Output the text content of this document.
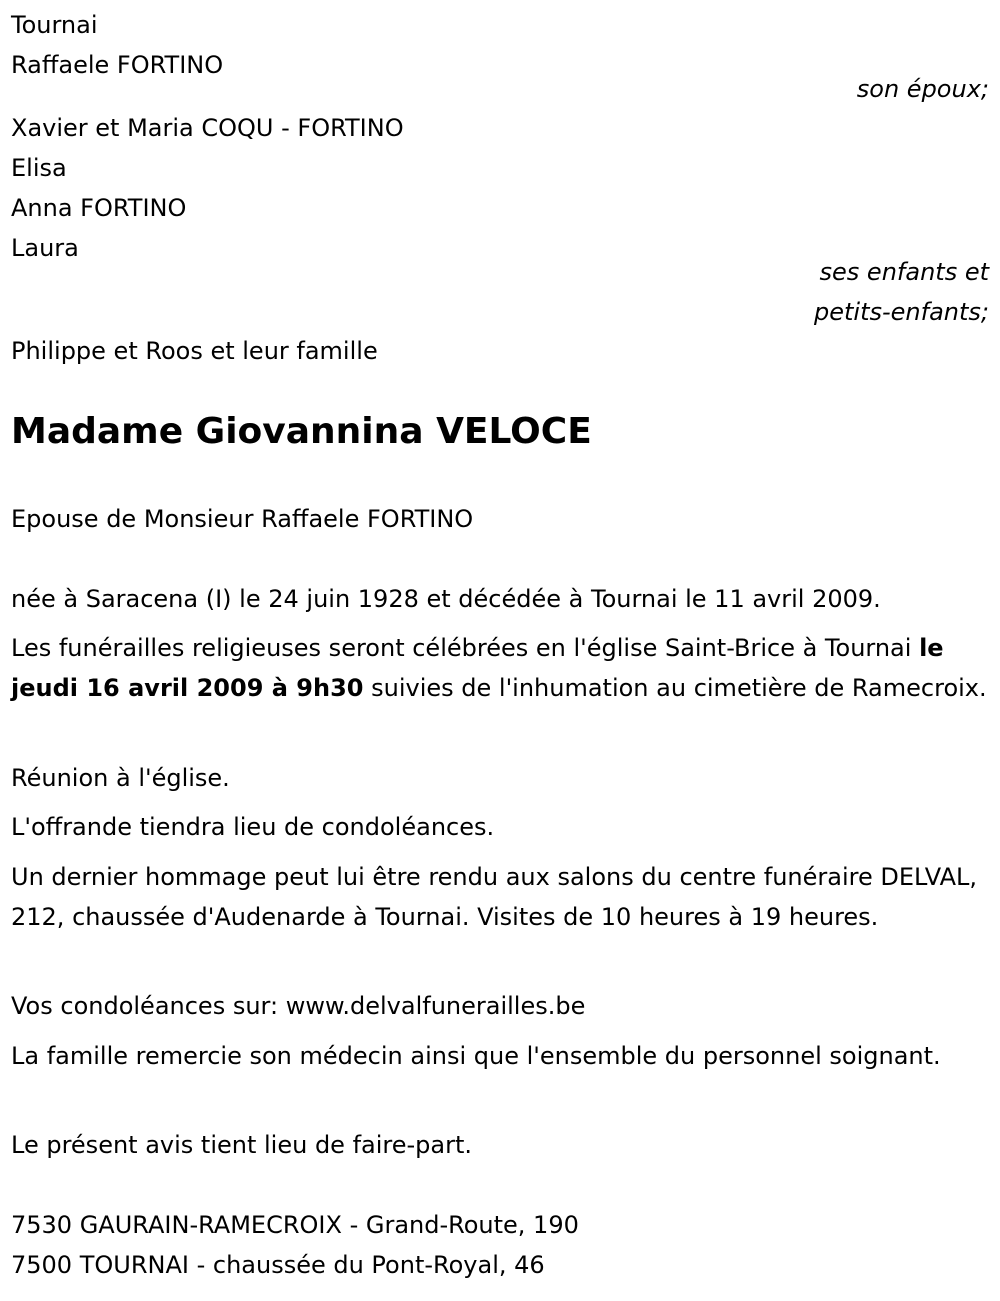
Tournai
Raffaele FORTINO
son époux;
Xavier et Maria COQU - FORTINO
Elisa
Anna FORTINO
Laura
ses enfants et
petits-enfants;
Philippe et Roos et leur famille
Madame Giovannina VELOCE
Epouse de Monsieur Raffaele FORTINO
née à Saracena (I) le 24 juin 1928 et décédée à Tournai le 11 avril 2009.
Les funérailles religieuses seront célébrées en l'église Saint-Brice à Tournai le jeudi 16 avril 2009 à 9h30 suivies de l'inhumation au cimetière de Ramecroix.
Réunion à l'église.
L'offrande tiendra lieu de condoléances.
Un dernier hommage peut lui être rendu aux salons du centre funéraire DELVAL, 212, chaussée d'Audenarde à Tournai. Visites de 10 heures à 19 heures.
Vos condoléances sur: www.delvalfunerailles.be
La famille remercie son médecin ainsi que l'ensemble du personnel soignant.
Le présent avis tient lieu de faire-part.
7530 GAURAIN-RAMECROIX - Grand-Route, 190
7500 TOURNAI - chaussée du Pont-Royal, 46
